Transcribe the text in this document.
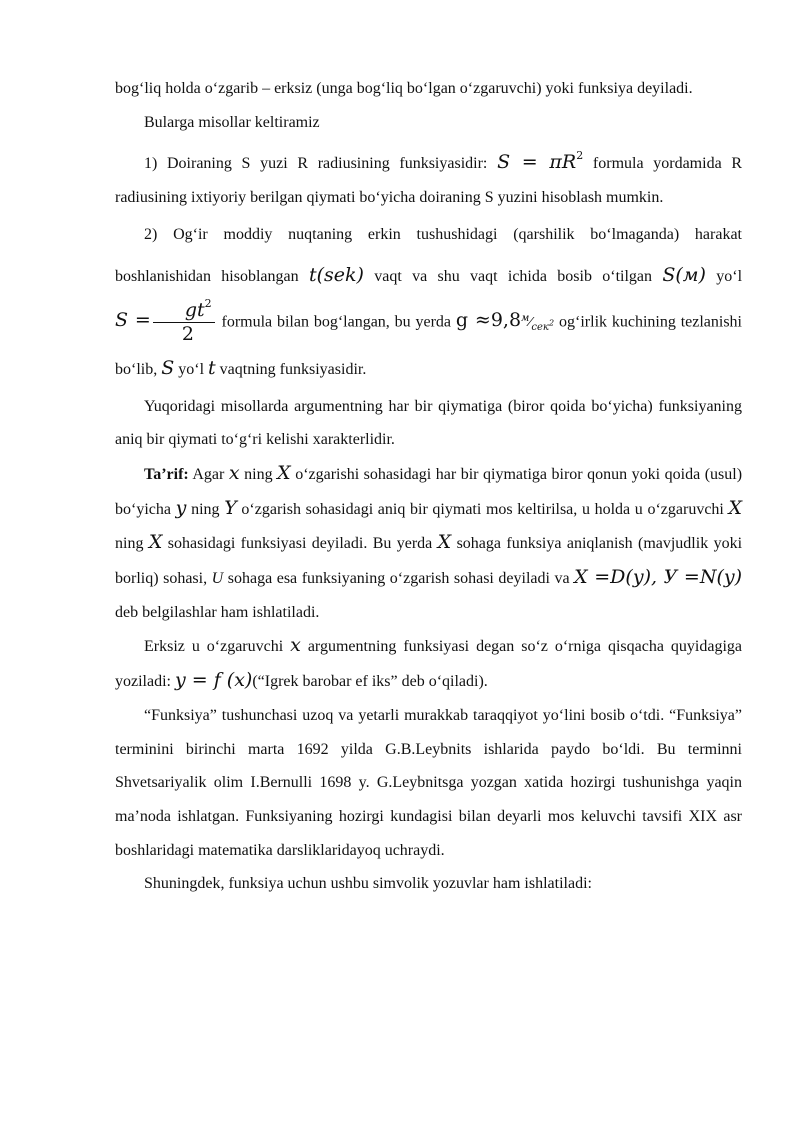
bog‘liq holda o‘zgarib – erksiz (unga bog‘liq bo‘lgan o‘zgaruvchi) yoki funksiya deyiladi.

Bularga misollar keltiramiz

1) Doiraning S yuzi R radiusining funksiyasidir: $S = \pi R^2$ formula yordamida R radiusining ixtiyoriy berilgan qiymati bo‘yicha doiraning S yuzini hisoblash mumkin.

2) Og‘ir moddiy nuqtaning erkin tushushidagi (qarshilik bo‘lmaganda) harakat boshlanishidan hisoblangan t(sek) vaqt va shu vaqt ichida bosib o‘tilgan S(м) yo‘l $S = \frac{gt^2}{2}$ formula bilan bog‘langan, bu yerda $g \approx 9,8^м⁄_{сек^2}$ og‘irlik kuchining tezlanishi bo‘lib, S yo‘l t vaqtning funksiyasidir.

Yuqoridagi misollarda argumentning har bir qiymatiga (biror qoida bo‘yicha) funksiyaning aniq bir qiymati to‘g‘ri kelishi xarakterlidir.

Ta’rif: Agar x ning X o‘zgarishi sohasidagi har bir qiymatiga biror qonun yoki qoida (usul) bo‘yicha y ning Y o‘zgarish sohasidagi aniq bir qiymati mos keltirilsa, u holda u o‘zgaruvchi X ning X sohasidagi funksiyasi deyiladi. Bu yerda X sohaga funksiya aniqlanish (mavjudlik yoki borliq) sohasi, U sohaga esa funksiyaning o‘zgarish sohasi deyiladi va X =D(y), У =N(y) deb belgilashlar ham ishlatiladi.

Erksiz u o‘zgaruvchi x argumentning funksiyasi degan so‘z o‘rniga qisqacha quyidagiga yoziladi: y = f (x)(“Igrek barobar ef iks” deb o‘qiladi).

“Funksiya” tushunchasi uzoq va yetarli murakkab taraqqiyot yo‘lini bosib o‘tdi. “Funksiya” terminini birinchi marta 1692 yilda G.B.Leybnits ishlarida paydo bo‘ldi. Bu terminni Shvetsariyalik olim I.Bernulli 1698 y. G.Leybnitsga yozgan xatida hozirgi tushunishga yaqin ma’noda ishlatgan. Funksiyaning hozirgi kundagisi bilan deyarli mos keluvchi tavsifi XIX asr boshlaridagi matematika darsliklaridayoq uchraydi.

Shuningdek, funksiya uchun ushbu simvolik yozuvlar ham ishlatiladi:
